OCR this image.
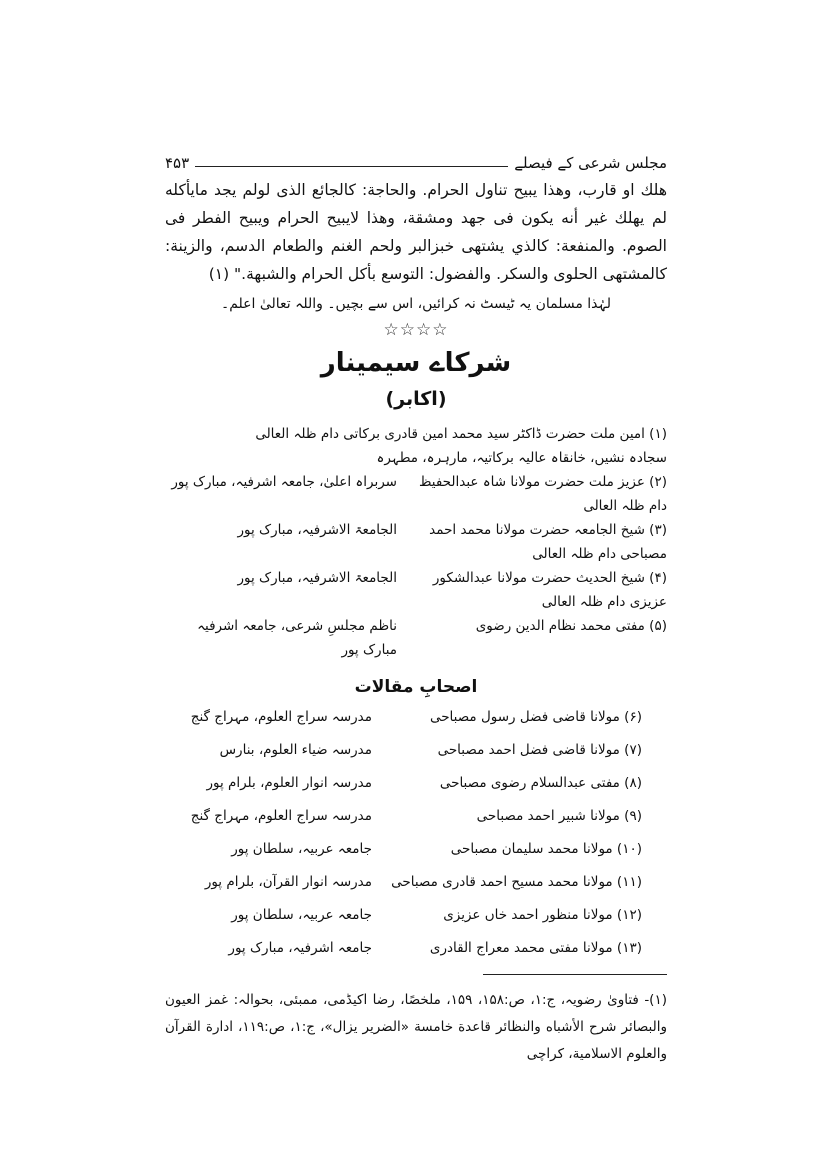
مجلس شرعی کے فیصلے
۴۵۳
هلك او قارب، وهذا يبيح تناول الحرام. والحاجة: كالجائع الذى لولم يجد مايأكله لم يهلك غير أنه يكون فى جهد ومشقة، وهذا لايبيح الحرام ويبيح الفطر فى الصوم. والمنفعة: كالذي يشتهى خبزالبر ولحم الغنم والطعام الدسم، والزينة: كالمشتهى الحلوى والسكر. والفضول: التوسع بأكل الحرام والشبهة." (۱)
لہٰذا مسلمان یہ ٹیسٹ نہ کرائیں، اس سے بچیں۔ واللہ تعالیٰ اعلم۔
☆☆☆☆
شرکاے سیمینار
(اکابر)
(۱) امین ملت حضرت ڈاکٹر سید محمد امین قادری برکاتی دام ظلہ العالی
سجادہ نشیں، خانقاہ عالیہ برکاتیہ، مارہرہ، مطہرہ
(۲) عزیز ملت حضرت مولانا شاہ عبدالحفیظ دام ظلہ العالی
سربراہ اعلیٰ، جامعہ اشرفیہ، مبارک پور
(۳) شیخ الجامعہ حضرت مولانا محمد احمد مصباحی دام ظلہ العالی
الجامعۃ الاشرفیہ، مبارک پور
(۴) شیخ الحدیث حضرت مولانا عبدالشکور عزیزی دام ظلہ العالی
الجامعۃ الاشرفیہ، مبارک پور
(۵) مفتی محمد نظام الدین رضوی
ناظم مجلسِ شرعی، جامعہ اشرفیہ مبارک پور
اصحابِ مقالات
(۶) مولانا قاضی فضل رسول مصباحی
مدرسہ سراج العلوم، مہراج گنج
(۷) مولانا قاضی فضل احمد مصباحی
مدرسہ ضیاء العلوم، بنارس
(۸) مفتی عبدالسلام رضوی مصباحی
مدرسہ انوار العلوم، بلرام پور
(۹) مولانا شبیر احمد مصباحی
مدرسہ سراج العلوم، مہراج گنج
(۱۰) مولانا محمد سلیمان مصباحی
جامعہ عربیہ، سلطان پور
(۱۱) مولانا محمد مسیح احمد قادری مصباحی
مدرسہ انوار القرآن، بلرام پور
(۱۲) مولانا منظور احمد خاں عزیزی
جامعہ عربیہ، سلطان پور
(۱۳) مولانا مفتی محمد معراج القادری
جامعہ اشرفیہ، مبارک پور
(۱)- فتاویٰ رضویہ، ج:۱، ص:۱۵۸، ۱۵۹، ملخصًا، رضا اکیڈمی، ممبئی، بحوالہ: غمز العیون والبصائر شرح الأشباه والنظائر قاعدة خامسة «الضرير يزال»، ج:۱، ص:۱۱۹، ادارة القرآن والعلوم الاسلامية، کراچی
